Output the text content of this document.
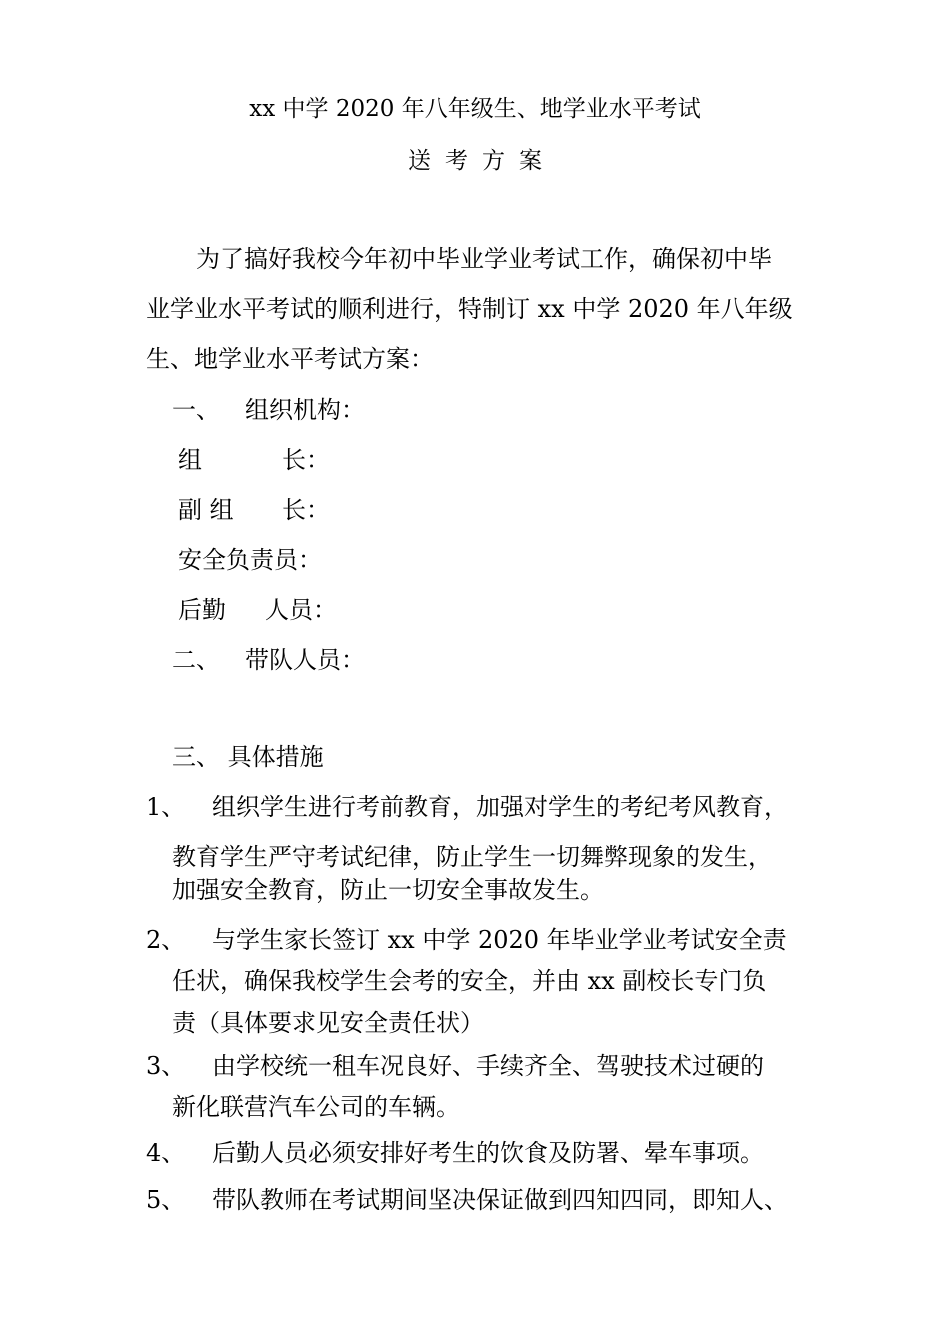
xx 中学 2020 年八年级生、地学业水平考试
送考方案
为了搞好我校今年初中毕业学业考试工作，确保初中毕
业学业水平考试的顺利进行，特制订 xx 中学 2020 年八年级
生、地学业水平考试方案：
一、 组织机构：
组	长：
副 组 长：
安全负责员：
后勤 人员：
二、 带队人员：
三、 具体措施
1、 组织学生进行考前教育，加强对学生的考纪考风教育，
教育学生严守考试纪律，防止学生一切舞弊现象的发生，
加强安全教育，防止一切安全事故发生。
2、 与学生家长签订 xx 中学 2020 年毕业学业考试安全责
任状，确保我校学生会考的安全，并由 xx 副校长专门负
责（具体要求见安全责任状）
3、 由学校统一租车况良好、手续齐全、驾驶技术过硬的
新化联营汽车公司的车辆。
4、 后勤人员必须安排好考生的饮食及防署、晕车事项。
5、 带队教师在考试期间坚决保证做到四知四同，即知人、
